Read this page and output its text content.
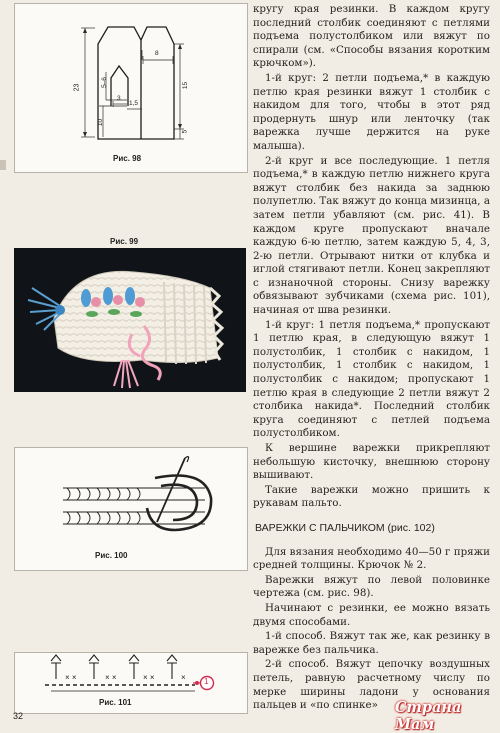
23	5–6
10
3
1,5
8
15
5
Рис. 98
Рис. 99
Рис. 100
× ×	× ×	× ×	× 1
Рис. 101

кругу края резинки. В каждом кругу последний столбик соединяют с петлями подъема полустолбиком или вяжут по спирали (см. «Способы вязания коротким крючком»).

1-й круг: 2 петли подъема,* в каждую петлю края резинки вяжут 1 столбик с накидом для того, чтобы в этот ряд продернуть шнур или ленточку (так варежка лучше держится на руке малыша).

2-й круг и все последующие. 1 петля подъема,* в каждую петлю нижнего круга вяжут столбик без накида за заднюю полупетлю. Так вяжут до конца мизинца, а затем петли убавляют (см. рис. 41). В каждом круге пропускают вначале каждую 6-ю петлю, затем каждую 5, 4, 3, 2-ю петли. Отрывают нитки от клубка и иглой стягивают петли. Конец закрепляют с изнаночной стороны. Снизу варежку обвязывают зубчиками (схема рис. 101), начиная от шва резинки.

1-й круг: 1 петля подъема,* пропускают 1 петлю края, в следующую вяжут 1 полустолбик, 1 столбик с накидом, 1 полустолбик, 1 столбик с накидом, 1 полустолбик с накидом; пропускают 1 петлю края в следующие 2 петли вяжут 2 столбика накида*. Последний столбик круга соединяют с петлей подъема полустолбиком.

К вершине варежки прикрепляют небольшую кисточку, внешнюю сторону вышивают.

Такие варежки можно пришить к рукавам пальто.

ВАРЕЖКИ С ПАЛЬЧИКОМ (рис. 102)

Для вязания необходимо 40—50 г пряжи средней толщины. Крючок № 2.

Варежки вяжут по левой половинке чертежа (см. рис. 98).

Начинают с резинки, ее можно вязать двумя способами.

1-й способ. Вяжут так же, как резинку в варежке без пальчика.

2-й способ. Вяжут цепочку воздушных петель, равную расчетному числу по мерке ширины ладони у основания пальцев и «по спинке»

32	Страна Мам
